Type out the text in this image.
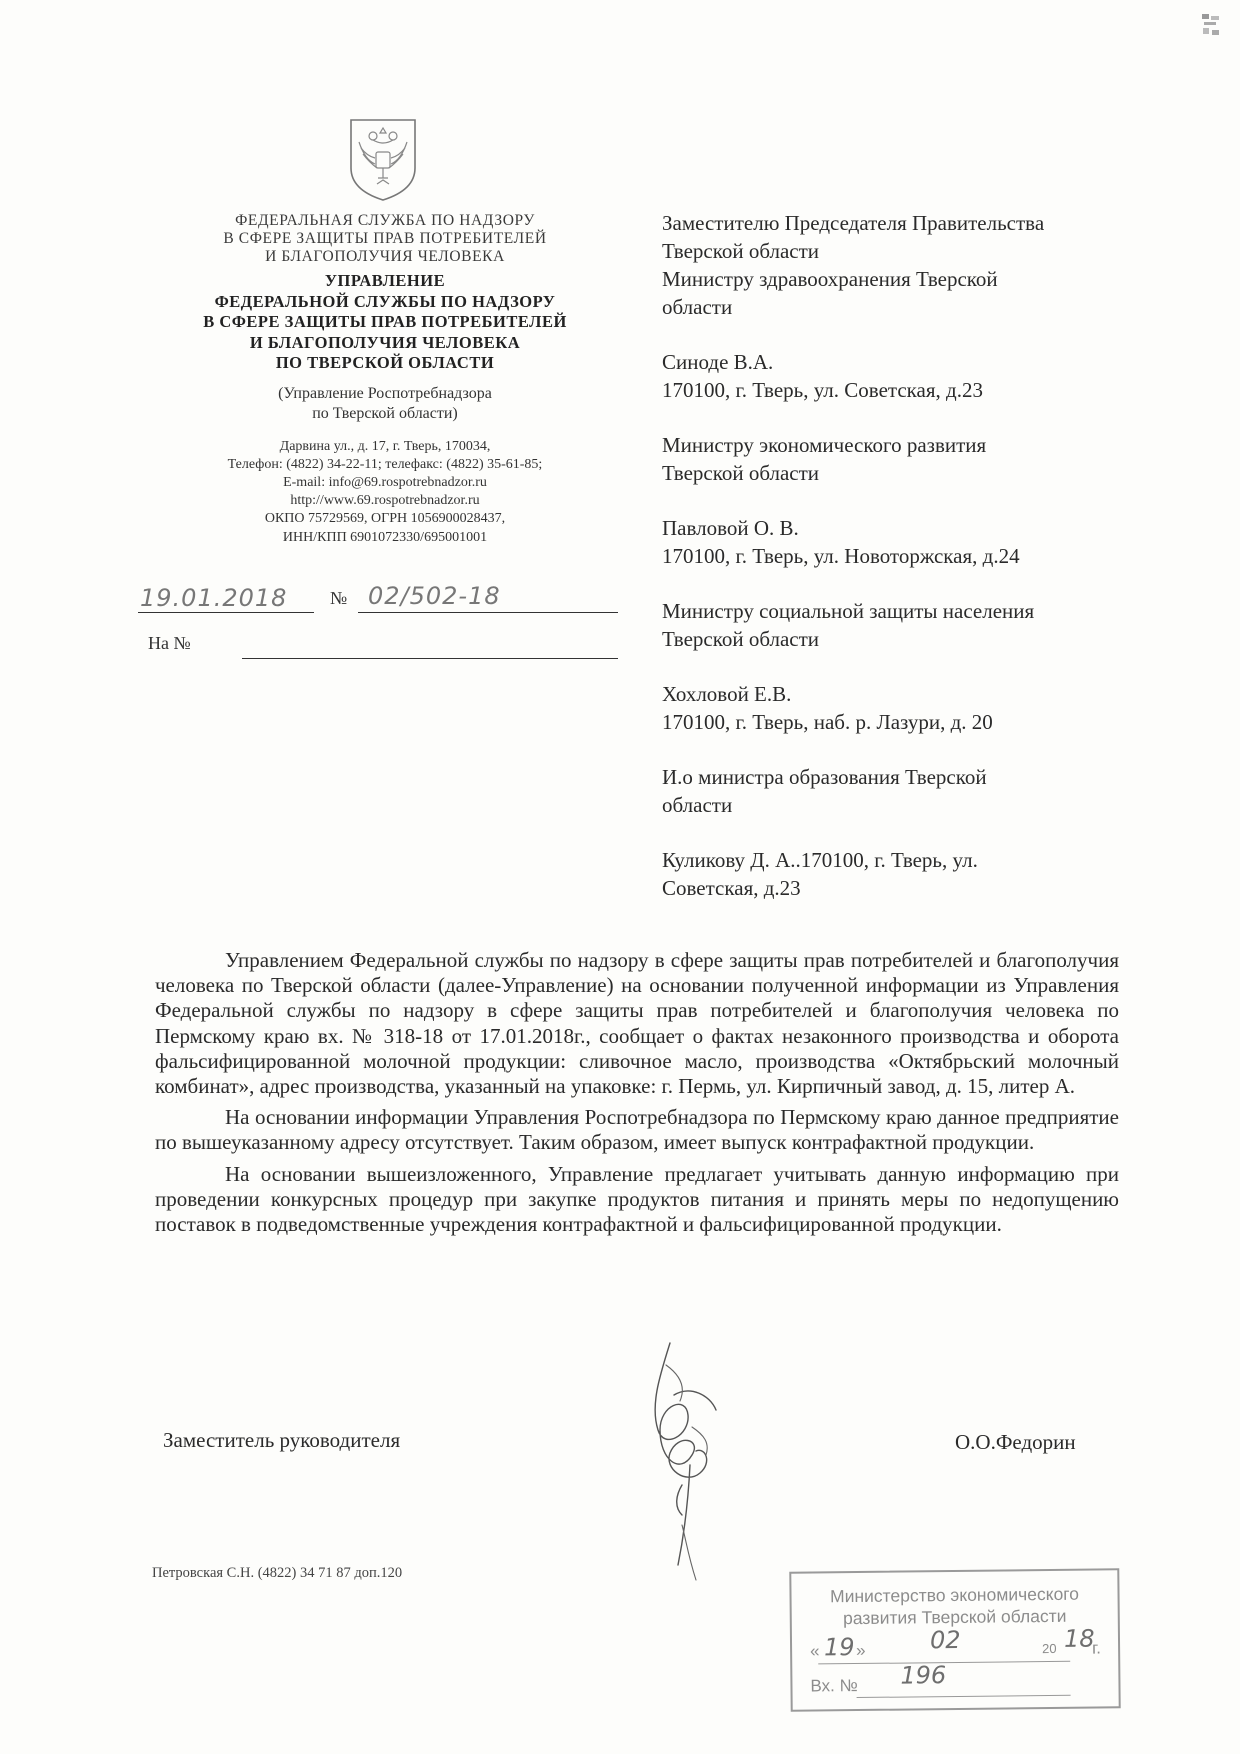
ФЕДЕРАЛЬНАЯ СЛУЖБА ПО НАДЗОРУ
В СФЕРЕ ЗАЩИТЫ ПРАВ ПОТРЕБИТЕЛЕЙ
И БЛАГОПОЛУЧИЯ ЧЕЛОВЕКА
УПРАВЛЕНИЕ
ФЕДЕРАЛЬНОЙ СЛУЖБЫ ПО НАДЗОРУ
В СФЕРЕ ЗАЩИТЫ ПРАВ ПОТРЕБИТЕЛЕЙ
И БЛАГОПОЛУЧИЯ ЧЕЛОВЕКА
ПО ТВЕРСКОЙ ОБЛАСТИ
(Управление Роспотребнадзора
по Тверской области)
Дарвина ул., д. 17, г. Тверь, 170034,
Телефон: (4822) 34-22-11; телефакс: (4822) 35-61-85;
E-mail: info@69.rospotrebnadzor.ru
http://www.69.rospotrebnadzor.ru
ОКПО 75729569, ОГРН 1056900028437,
ИНН/КПП 6901072330/695001001
19.01.2018 № 02/502-18
На №
Заместителю Председателя Правительства
Тверской области
Министру здравоохранения Тверской
области
Синоде В.А.
170100, г. Тверь, ул. Советская, д.23
Министру экономического развития
Тверской области
Павловой О. В.
170100, г. Тверь, ул. Новоторжская, д.24
Министру социальной защиты населения
Тверской области
Хохловой Е.В.
170100, г. Тверь, наб. р. Лазури, д. 20
И.о министра образования Тверской
области
Куликову Д. А..170100, г. Тверь, ул.
Советская, д.23

Управлением Федеральной службы по надзору в сфере защиты прав потребителей и благополучия человека по Тверской области (далее-Управление) на основании полученной информации из Управления Федеральной службы по надзору в сфере защиты прав потребителей и благополучия человека по Пермскому краю вх. № 318-18 от 17.01.2018г., сообщает о фактах незаконного производства и оборота фальсифицированной молочной продукции: сливочное масло, производства «Октябрьский молочный комбинат», адрес производства, указанный на упаковке: г. Пермь, ул. Кирпичный завод, д. 15, литер А.

На основании информации Управления Роспотребнадзора по Пермскому краю данное предприятие по вышеуказанному адресу отсутствует. Таким образом, имеет выпуск контрафактной продукции.

На основании вышеизложенного, Управление предлагает учитывать данную информацию при проведении конкурсных процедур при закупке продуктов питания и принять меры по недопущению поставок в подведомственные учреждения контрафактной и фальсифицированной продукции.

Заместитель руководителя	О.О.Федорин
Петровская С.Н. (4822) 34 71 87 доп.120
Министерство экономического
развития Тверской области
« 19 »	02	20 18
г.
Вх. № 196
